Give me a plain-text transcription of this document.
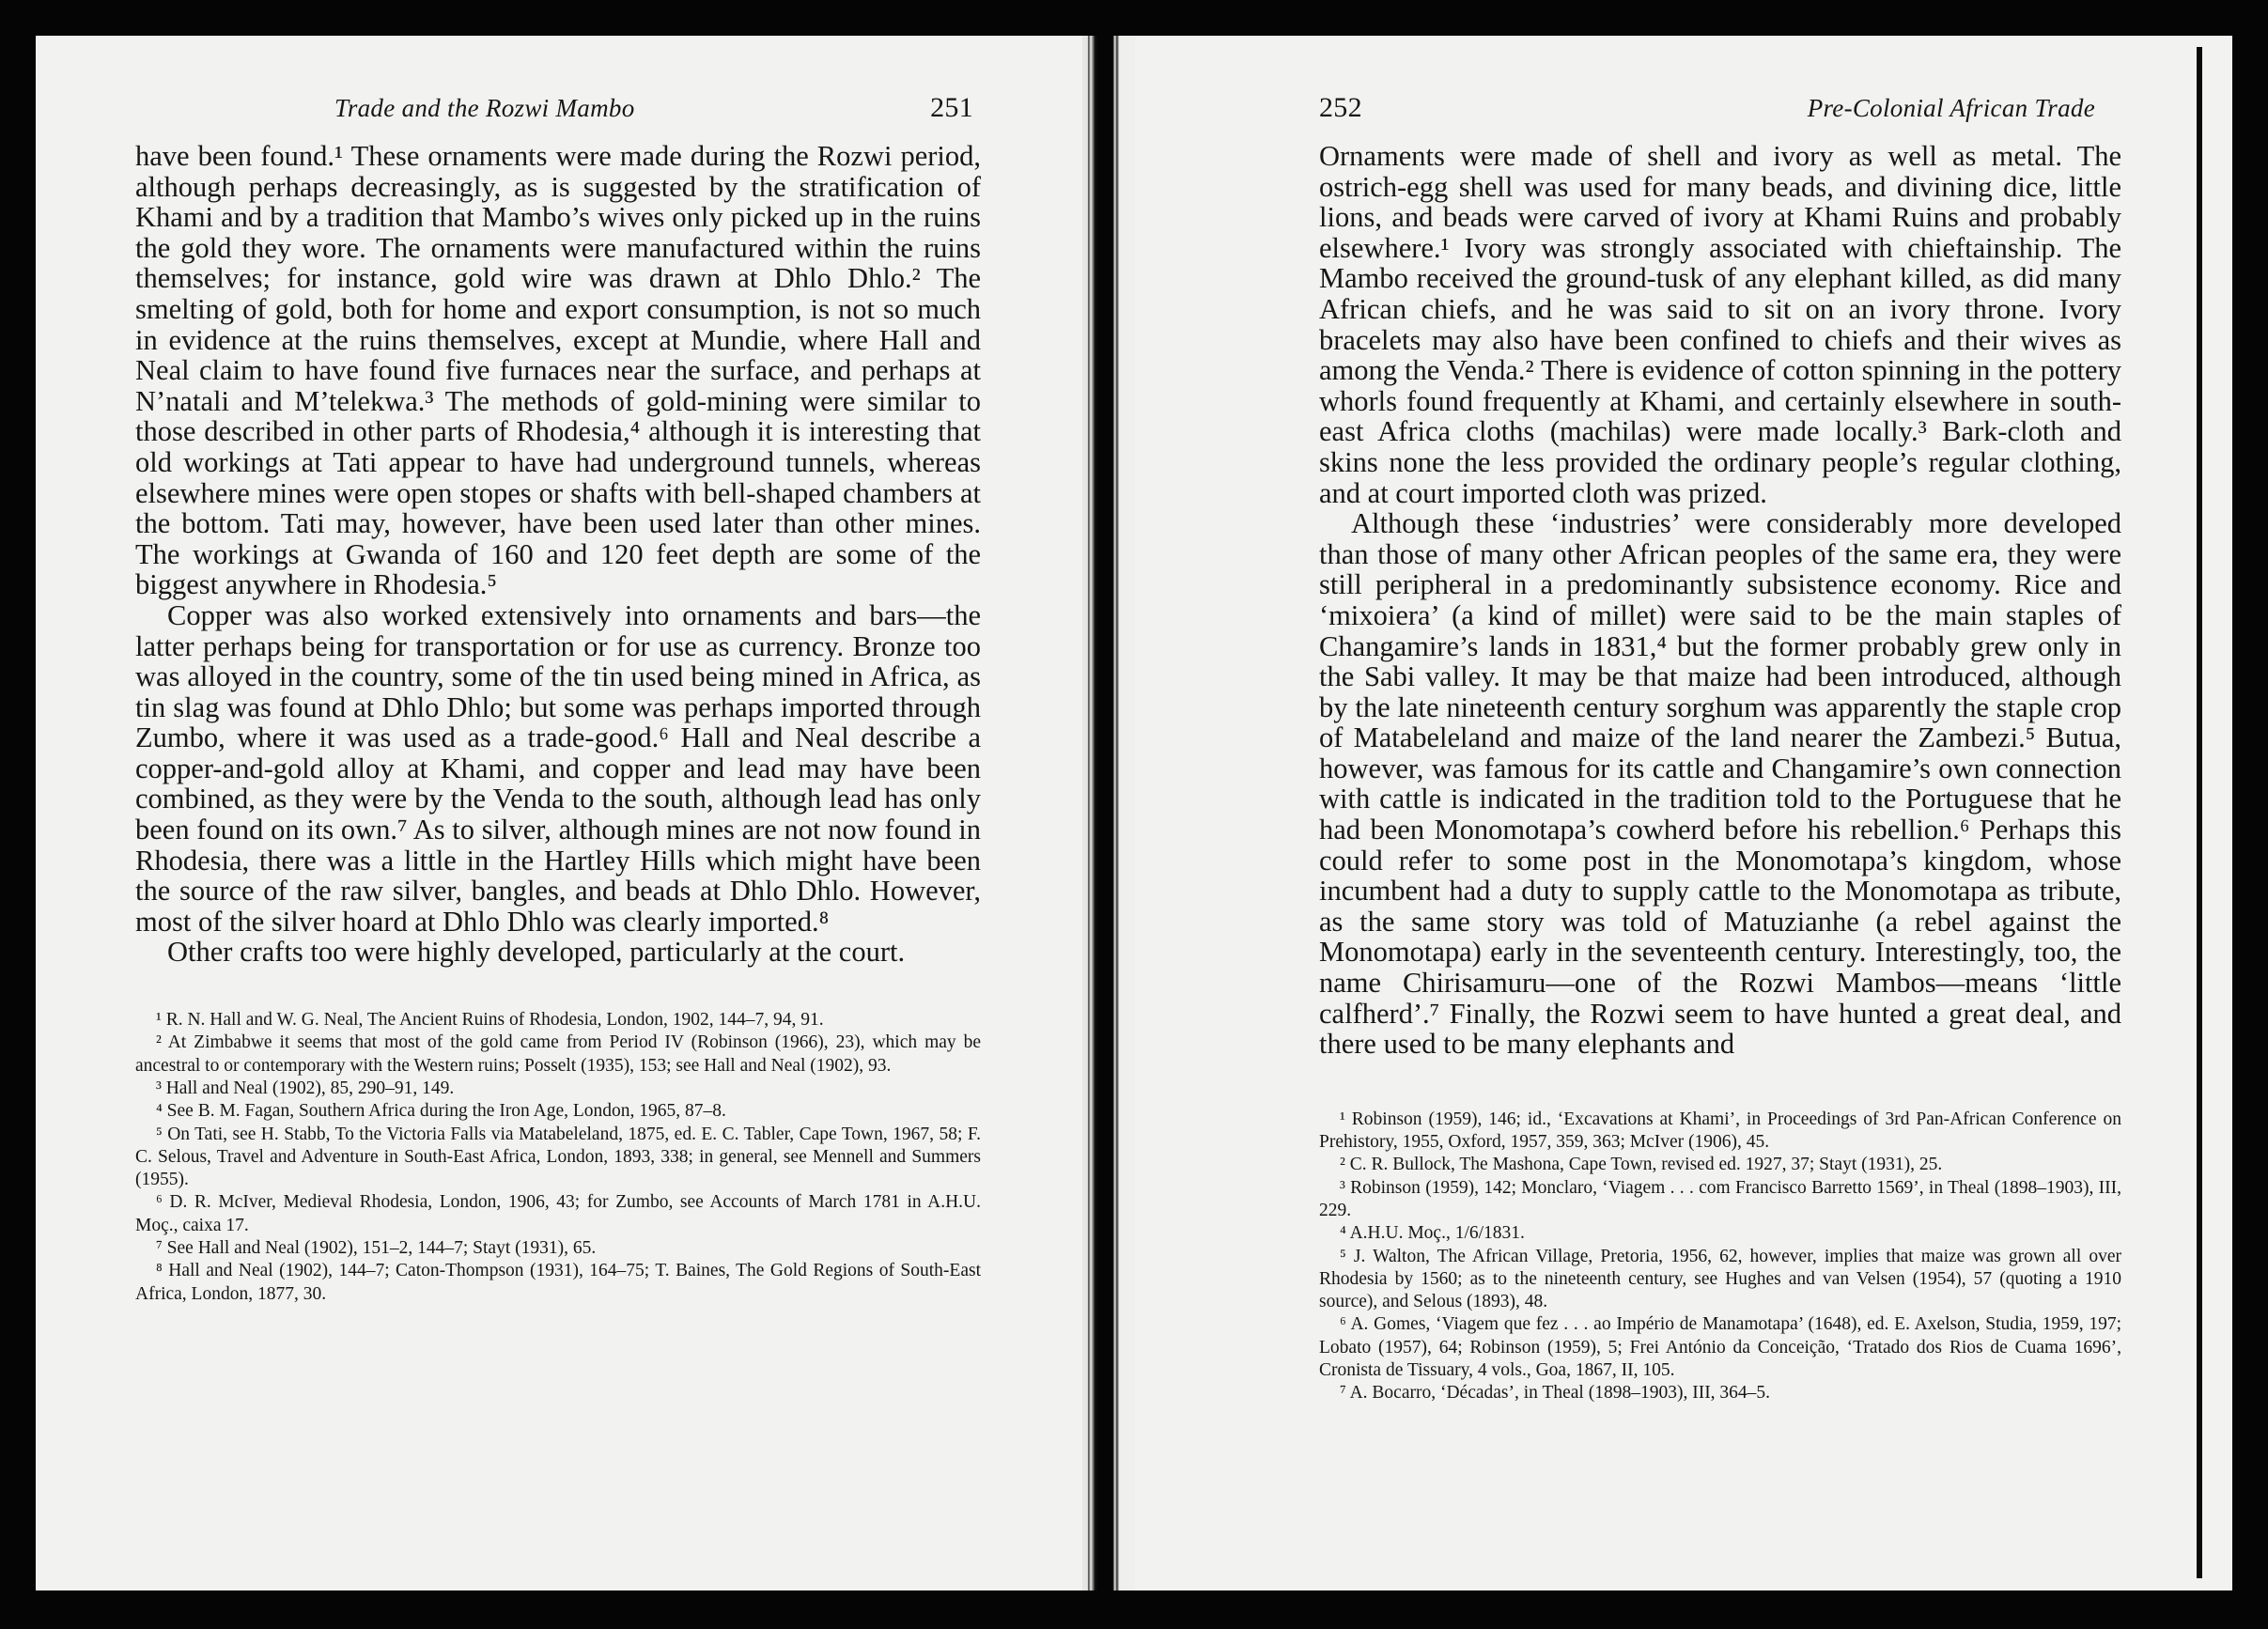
Trade and the Rozwi Mambo	251

have been found.¹ These ornaments were made during the Rozwi period, although perhaps decreasingly, as is suggested by the stratification of Khami and by a tradition that Mambo’s wives only picked up in the ruins the gold they wore. The ornaments were manufactured within the ruins themselves; for instance, gold wire was drawn at Dhlo Dhlo.² The smelting of gold, both for home and export consumption, is not so much in evidence at the ruins themselves, except at Mundie, where Hall and Neal claim to have found five furnaces near the surface, and perhaps at N’natali and M’telekwa.³ The methods of gold-mining were similar to those described in other parts of Rhodesia,⁴ although it is interesting that old workings at Tati appear to have had underground tunnels, whereas elsewhere mines were open stopes or shafts with bell-shaped chambers at the bottom. Tati may, however, have been used later than other mines. The workings at Gwanda of 160 and 120 feet depth are some of the biggest anywhere in Rhodesia.⁵

Copper was also worked extensively into ornaments and bars—the latter perhaps being for transportation or for use as currency. Bronze too was alloyed in the country, some of the tin used being mined in Africa, as tin slag was found at Dhlo Dhlo; but some was perhaps imported through Zumbo, where it was used as a trade-good.⁶ Hall and Neal describe a copper-and-gold alloy at Khami, and copper and lead may have been combined, as they were by the Venda to the south, although lead has only been found on its own.⁷ As to silver, although mines are not now found in Rhodesia, there was a little in the Hartley Hills which might have been the source of the raw silver, bangles, and beads at Dhlo Dhlo. However, most of the silver hoard at Dhlo Dhlo was clearly imported.⁸

Other crafts too were highly developed, particularly at the court.

¹ R. N. Hall and W. G. Neal, The Ancient Ruins of Rhodesia, London, 1902, 144–7, 94, 91.
² At Zimbabwe it seems that most of the gold came from Period IV (Robinson (1966), 23), which may be ancestral to or contemporary with the Western ruins; Posselt (1935), 153; see Hall and Neal (1902), 93.
³ Hall and Neal (1902), 85, 290–91, 149.
⁴ See B. M. Fagan, Southern Africa during the Iron Age, London, 1965, 87–8.
⁵ On Tati, see H. Stabb, To the Victoria Falls via Matabeleland, 1875, ed. E. C. Tabler, Cape Town, 1967, 58; F. C. Selous, Travel and Adventure in South-East Africa, London, 1893, 338; in general, see Mennell and Summers (1955).
⁶ D. R. McIver, Medieval Rhodesia, London, 1906, 43; for Zumbo, see Accounts of March 1781 in A.H.U. Moç., caixa 17.
⁷ See Hall and Neal (1902), 151–2, 144–7; Stayt (1931), 65.
⁸ Hall and Neal (1902), 144–7; Caton-Thompson (1931), 164–75; T. Baines, The Gold Regions of South-East Africa, London, 1877, 30.
252	Pre-Colonial African Trade

Ornaments were made of shell and ivory as well as metal. The ostrich-egg shell was used for many beads, and divining dice, little lions, and beads were carved of ivory at Khami Ruins and probably elsewhere.¹ Ivory was strongly associated with chieftainship. The Mambo received the ground-tusk of any elephant killed, as did many African chiefs, and he was said to sit on an ivory throne. Ivory bracelets may also have been confined to chiefs and their wives as among the Venda.² There is evidence of cotton spinning in the pottery whorls found frequently at Khami, and certainly elsewhere in south-east Africa cloths (machilas) were made locally.³ Bark-cloth and skins none the less provided the ordinary people’s regular clothing, and at court imported cloth was prized.

Although these ‘industries’ were considerably more developed than those of many other African peoples of the same era, they were still peripheral in a predominantly subsistence economy. Rice and ‘mixoiera’ (a kind of millet) were said to be the main staples of Changamire’s lands in 1831,⁴ but the former probably grew only in the Sabi valley. It may be that maize had been introduced, although by the late nineteenth century sorghum was apparently the staple crop of Matabeleland and maize of the land nearer the Zambezi.⁵ Butua, however, was famous for its cattle and Changamire’s own connection with cattle is indicated in the tradition told to the Portuguese that he had been Monomotapa’s cowherd before his rebellion.⁶ Perhaps this could refer to some post in the Monomotapa’s kingdom, whose incumbent had a duty to supply cattle to the Monomotapa as tribute, as the same story was told of Matuzianhe (a rebel against the Monomotapa) early in the seventeenth century. Interestingly, too, the name Chirisamuru—one of the Rozwi Mambos—means ‘little calfherd’.⁷ Finally, the Rozwi seem to have hunted a great deal, and there used to be many elephants and

¹ Robinson (1959), 146; id., ‘Excavations at Khami’, in Proceedings of 3rd Pan-African Conference on Prehistory, 1955, Oxford, 1957, 359, 363; McIver (1906), 45.
² C. R. Bullock, The Mashona, Cape Town, revised ed. 1927, 37; Stayt (1931), 25.
³ Robinson (1959), 142; Monclaro, ‘Viagem . . . com Francisco Barretto 1569’, in Theal (1898–1903), III, 229.
⁴ A.H.U. Moç., 1/6/1831.
⁵ J. Walton, The African Village, Pretoria, 1956, 62, however, implies that maize was grown all over Rhodesia by 1560; as to the nineteenth century, see Hughes and van Velsen (1954), 57 (quoting a 1910 source), and Selous (1893), 48.
⁶ A. Gomes, ‘Viagem que fez . . . ao Império de Manamotapa’ (1648), ed. E. Axelson, Studia, 1959, 197; Lobato (1957), 64; Robinson (1959), 5; Frei António da Conceição, ‘Tratado dos Rios de Cuama 1696’, Cronista de Tissuary, 4 vols., Goa, 1867, II, 105.
⁷ A. Bocarro, ‘Décadas’, in Theal (1898–1903), III, 364–5.
